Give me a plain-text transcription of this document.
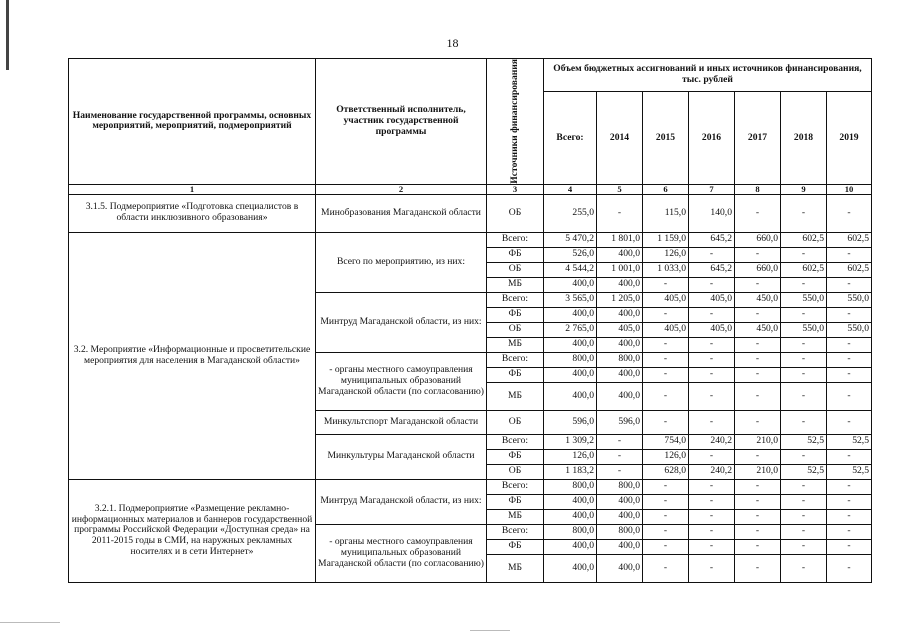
18
Наименование государственной программы, основных мероприятий, мероприятий, подмероприятий	Ответственный исполнитель, участник государственной программы	Источники финансирования	Объем бюджетных ассигнований и иных источников финансирования, тыс. рублей						
			Всего:	2014	2015	2016	2017	2018	2019
1	2	3	4	5	6	7	8	9	10
3.1.5. Подмероприятие «Подготовка специалистов в области инклюзивного образования»	Минобразования Магаданской области	ОБ	255,0	-	115,0	140,0	-	-	-
3.2. Мероприятие «Информационные и просветительские мероприятия для населения в Магаданской области»	Всего по мероприятию, из них:	Всего:	5 470,2	1 801,0	1 159,0	645,2	660,0	602,5	602,5
		ФБ	526,0	400,0	126,0	-	-	-	-
		ОБ	4 544,2	1 001,0	1 033,0	645,2	660,0	602,5	602,5
		МБ	400,0	400,0	-	-	-	-	-
	Минтруд Магаданской области, из них:	Всего:	3 565,0	1 205,0	405,0	405,0	450,0	550,0	550,0
		ФБ	400,0	400,0	-	-	-	-	-
		ОБ	2 765,0	405,0	405,0	405,0	450,0	550,0	550,0
		МБ	400,0	400,0	-	-	-	-	-
	- органы местного самоуправления муниципальных образований Магаданской области (по согласованию)	Всего:	800,0	800,0	-	-	-	-	-
		ФБ	400,0	400,0	-	-	-	-	-
		МБ	400,0	400,0	-	-	-	-	-
	Минкультспорт Магаданской области	ОБ	596,0	596,0	-	-	-	-	-
	Минкультуры Магаданской области	Всего:	1 309,2	-	754,0	240,2	210,0	52,5	52,5
		ФБ	126,0	-	126,0	-	-	-	-
		ОБ	1 183,2	-	628,0	240,2	210,0	52,5	52,5
3.2.1. Подмероприятие «Размещение рекламно-информационных материалов и баннеров государственной программы Российской Федерации «Доступная среда» на 2011-2015 годы в СМИ, на наружных рекламных носителях и в сети Интернет»	Минтруд Магаданской области, из них:	Всего:	800,0	800,0	-	-	-	-	-
		ФБ	400,0	400,0	-	-	-	-	-
		МБ	400,0	400,0	-	-	-	-	-
	- органы местного самоуправления муниципальных образований Магаданской области (по согласованию)	Всего:	800,0	800,0	-	-	-	-	-
		ФБ	400,0	400,0	-	-	-	-	-
		МБ	400,0	400,0	-	-	-	-	-
